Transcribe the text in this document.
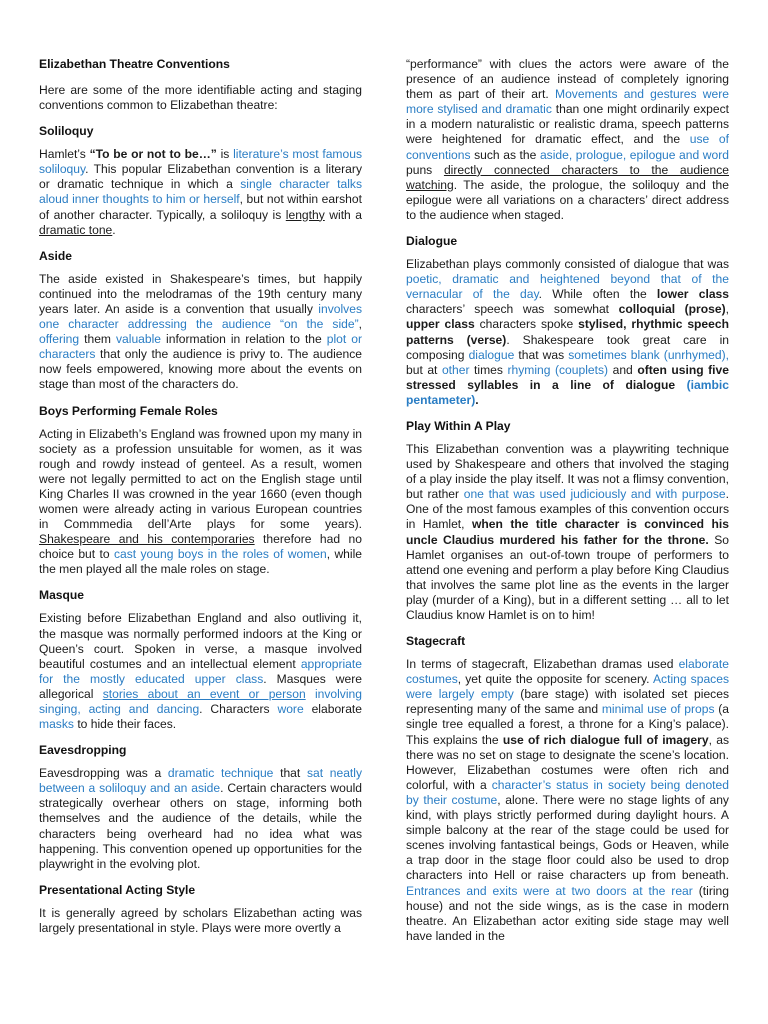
Elizabethan Theatre Conventions

Here are some of the more identifiable acting and staging conventions common to Elizabethan theatre:

Soliloquy

Hamlet’s “To be or not to be…” is literature’s most famous soliloquy. This popular Elizabethan convention is a literary or dramatic technique in which a single character talks aloud inner thoughts to him or herself, but not within earshot of another character. Typically, a soliloquy is lengthy with a dramatic tone.

Aside

The aside existed in Shakespeare’s times, but happily continued into the melodramas of the 19th century many years later. An aside is a convention that usually involves one character addressing the audience “on the side”, offering them valuable information in relation to the plot or characters that only the audience is privy to. The audience now feels empowered, knowing more about the events on stage than most of the characters do.

Boys Performing Female Roles

Acting in Elizabeth’s England was frowned upon my many in society as a profession unsuitable for women, as it was rough and rowdy instead of genteel. As a result, women were not legally permitted to act on the English stage until King Charles II was crowned in the year 1660 (even though women were already acting in various European countries in Commmedia dell’Arte plays for some years). Shakespeare and his contemporaries therefore had no choice but to cast young boys in the roles of women, while the men played all the male roles on stage.

Masque

Existing before Elizabethan England and also outliving it, the masque was normally performed indoors at the King or Queen’s court. Spoken in verse, a masque involved beautiful costumes and an intellectual element appropriate for the mostly educated upper class. Masques were allegorical stories about an event or person involving singing, acting and dancing. Characters wore elaborate masks to hide their faces.

Eavesdropping

Eavesdropping was a dramatic technique that sat neatly between a soliloquy and an aside. Certain characters would strategically overhear others on stage, informing both themselves and the audience of the details, while the characters being overheard had no idea what was happening. This convention opened up opportunities for the playwright in the evolving plot.

Presentational Acting Style

It is generally agreed by scholars Elizabethan acting was largely presentational in style. Plays were more overtly a

“performance” with clues the actors were aware of the presence of an audience instead of completely ignoring them as part of their art. Movements and gestures were more stylised and dramatic than one might ordinarily expect in a modern naturalistic or realistic drama, speech patterns were heightened for dramatic effect, and the use of conventions such as the aside, prologue, epilogue and word puns directly connected characters to the audience watching. The aside, the prologue, the soliloquy and the epilogue were all variations on a characters’ direct address to the audience when staged.

Dialogue

Elizabethan plays commonly consisted of dialogue that was poetic, dramatic and heightened beyond that of the vernacular of the day. While often the lower class characters’ speech was somewhat colloquial (prose), upper class characters spoke stylised, rhythmic speech patterns (verse). Shakespeare took great care in composing dialogue that was sometimes blank (unrhymed), but at other times rhyming (couplets) and often using five stressed syllables in a line of dialogue (iambic pentameter).

Play Within A Play

This Elizabethan convention was a playwriting technique used by Shakespeare and others that involved the staging of a play inside the play itself. It was not a flimsy convention, but rather one that was used judiciously and with purpose. One of the most famous examples of this convention occurs in Hamlet, when the title character is convinced his uncle Claudius murdered his father for the throne. So Hamlet organises an out-of-town troupe of performers to attend one evening and perform a play before King Claudius that involves the same plot line as the events in the larger play (murder of a King), but in a different setting … all to let Claudius know Hamlet is on to him!

Stagecraft

In terms of stagecraft, Elizabethan dramas used elaborate costumes, yet quite the opposite for scenery. Acting spaces were largely empty (bare stage) with isolated set pieces representing many of the same and minimal use of props (a single tree equalled a forest, a throne for a King’s palace). This explains the use of rich dialogue full of imagery, as there was no set on stage to designate the scene’s location. However, Elizabethan costumes were often rich and colorful, with a character’s status in society being denoted by their costume, alone. There were no stage lights of any kind, with plays strictly performed during daylight hours. A simple balcony at the rear of the stage could be used for scenes involving fantastical beings, Gods or Heaven, while a trap door in the stage floor could also be used to drop characters into Hell or raise characters up from beneath. Entrances and exits were at two doors at the rear (tiring house) and not the side wings, as is the case in modern theatre. An Elizabethan actor exiting side stage may well have landed in the
